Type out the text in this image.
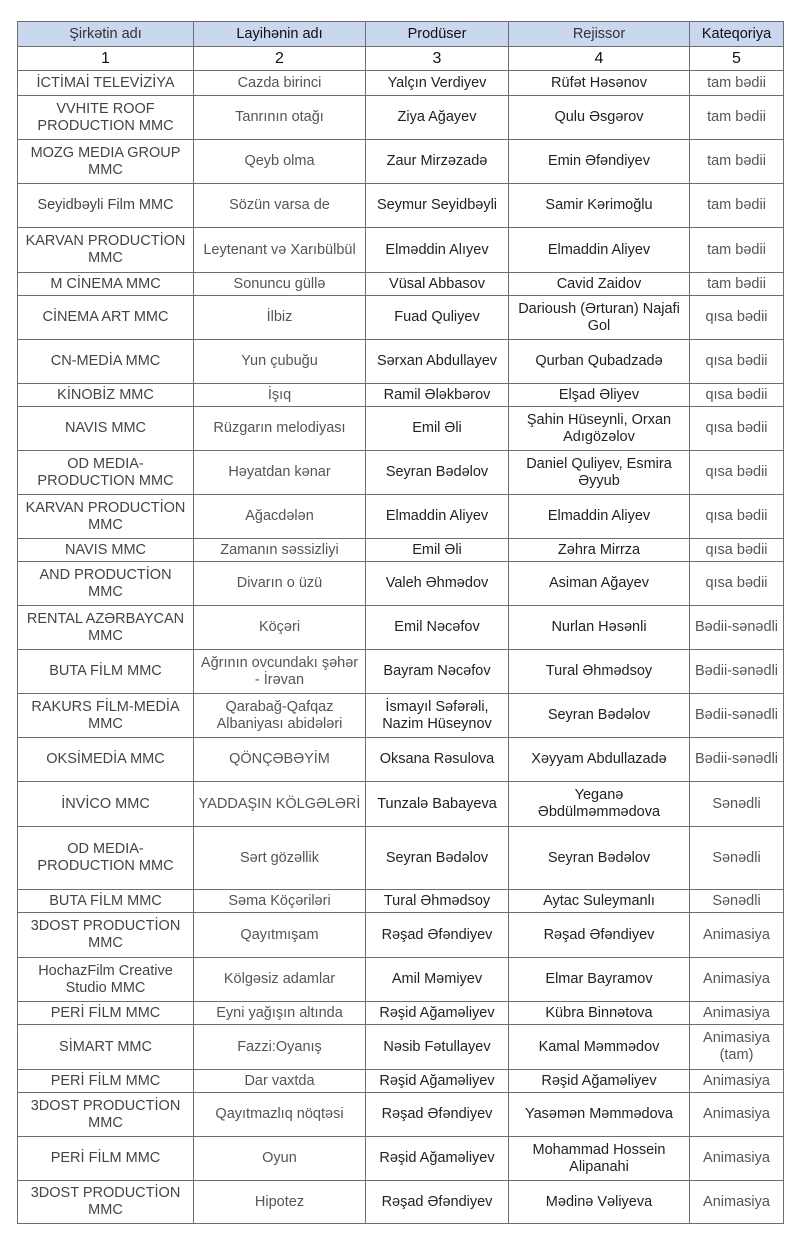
Şirkətin adı	Layihənin adı	Prodüser	Rejissor	Kateqoriya
1	2	3	4	5
İCTİMAİ TELEVİZİYA	Cazda birinci	Yalçın Verdiyev	Rüfət Həsənov	tam bədii
VVHITE ROOF PRODUCTION MMC	Tanrının otağı	Ziya Ağayev	Qulu Əsgərov	tam bədii
MOZG MEDIA GROUP MMC	Qeyb olma	Zaur Mirzəzadə	Emin Əfəndiyev	tam bədii
Seyidbəyli Film MMC	Sözün varsa de	Seymur Seyidbəyli	Samir Kərimoğlu	tam bədii
KARVAN PRODUCTİON MMC	Leytenant və Xarıbülbül	Elməddin Alıyev	Elmaddin Aliyev	tam bədii
M CİNEMA MMC	Sonuncu güllə	Vüsal Abbasov	Cavid Zaidov	tam bədii
CİNEMA ART MMC	İlbiz	Fuad Quliyev	Darioush (Ərturan) Najafi Gol	qısa bədii
CN-MEDİA MMC	Yun çubuğu	Sərxan Abdullayev	Qurban Qubadzadə	qısa bədii
KİNOBİZ MMC	İşıq	Ramil Ələkbərov	Elşad Əliyev	qısa bədii
NAVIS MMC	Rüzgarın melodiyası	Emil Əli	Şahin Hüseynli, Orxan Adıgözəlov	qısa bədii
OD MEDIA-PRODUCTION MMC	Həyatdan kənar	Seyran Bədəlov	Daniel Quliyev, Esmira Əyyub	qısa bədii
KARVAN PRODUCTİON MMC	Ağacdələn	Elmaddin Aliyev	Elmaddin Aliyev	qısa bədii
NAVIS MMC	Zamanın səssizliyi	Emil Əli	Zəhra Mirrza	qısa bədii
AND PRODUCTİON MMC	Divarın o üzü	Valeh Əhmədov	Asiman Ağayev	qısa bədii
RENTAL AZƏRBAYCAN MMC	Köçəri	Emil Nəcəfov	Nurlan Həsənli	Bədii-sənədli
BUTA FİLM MMC	Ağrının ovcundakı şəhər - İrəvan	Bayram Nəcəfov	Tural Əhmədsoy	Bədii-sənədli
RAKURS FİLM-MEDİA MMC	Qarabağ-Qafqaz Albaniyası abidələri	İsmayıl Səfərəli, Nazim Hüseynov	Seyran Bədəlov	Bədii-sənədli
OKSİMEDİA MMC	QÖNÇƏBƏYİM	Oksana Rəsulova	Xəyyam Abdullazadə	Bədii-sənədli
İNVİCO MMC	YADDAŞIN KÖLGƏLƏRİ	Tunzalə Babayeva	Yeganə Əbdülməmmədova	Sənədli
OD MEDIA-PRODUCTION MMC	Sərt gözəllik	Seyran Bədəlov	Seyran Bədəlov	Sənədli
BUTA FİLM MMC	Səma Köçəriləri	Tural Əhmədsoy	Aytac Suleymanlı	Sənədli
3DOST PRODUCTİON MMC	Qayıtmışam	Rəşad Əfəndiyev	Rəşad Əfəndiyev	Animasiya
HochazFilm Creative Studio MMC	Kölgəsiz adamlar	Amil Məmiyev	Elmar Bayramov	Animasiya
PERİ FİLM MMC	Eyni yağışın altında	Rəşid Ağaməliyev	Kübra Binnətova	Animasiya
SİMART MMC	Fazzi:Oyanış	Nəsib Fətullayev	Kamal Məmmədov	Animasiya (tam)
PERİ FİLM MMC	Dar vaxtda	Rəşid Ağaməliyev	Rəşid Ağaməliyev	Animasiya
3DOST PRODUCTİON MMC	Qayıtmazlıq nöqtəsi	Rəşad Əfəndiyev	Yasəmən Məmmədova	Animasiya
PERİ FİLM MMC	Oyun	Rəşid Ağaməliyev	Mohammad Hossein Alipanahi	Animasiya
3DOST PRODUCTİON MMC	Hipotez	Rəşad Əfəndiyev	Mədinə Vəliyeva	Animasiya
